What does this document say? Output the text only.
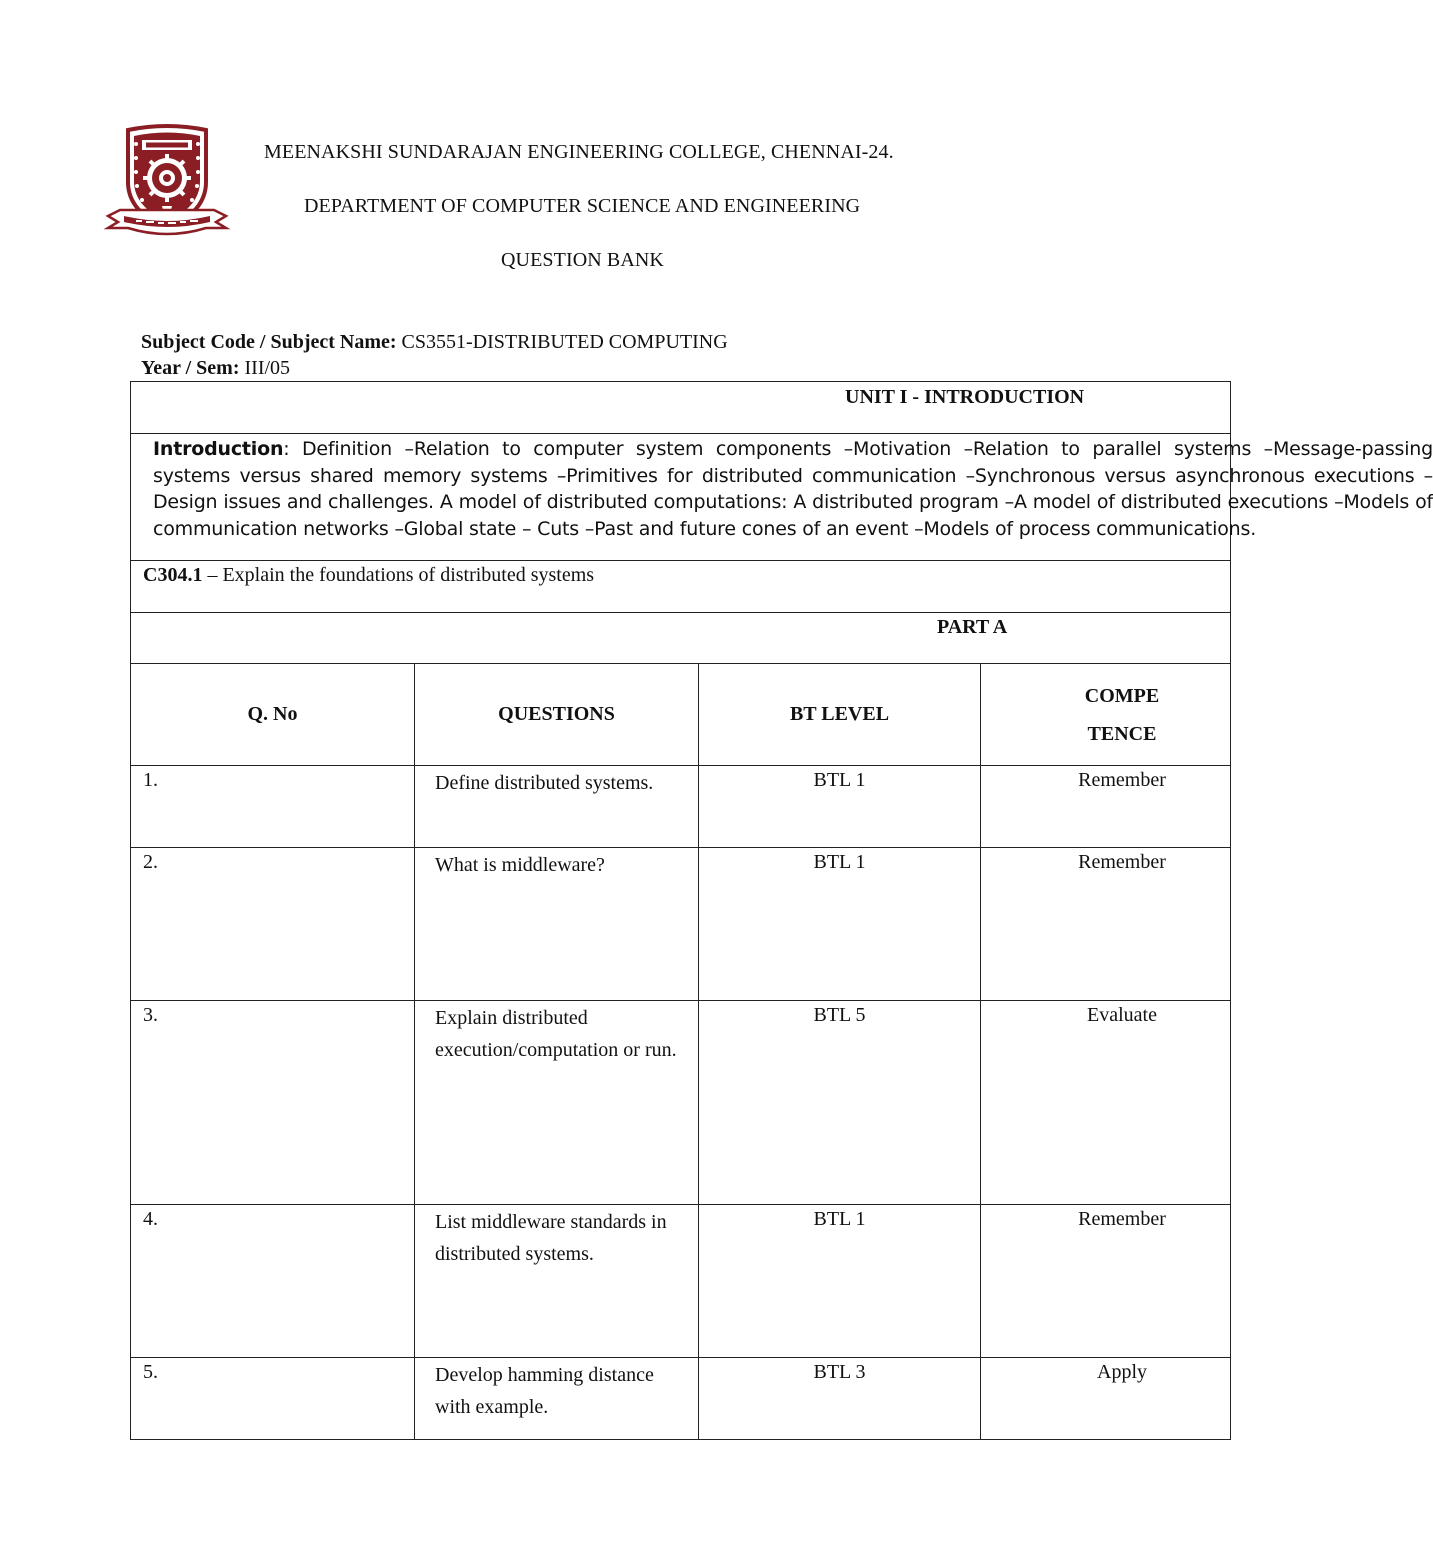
MEENAKSHI SUNDARAJAN ENGINEERING COLLEGE, CHENNAI-24.
DEPARTMENT OF COMPUTER SCIENCE AND ENGINEERING
QUESTION BANK
Subject Code / Subject Name: CS3551-DISTRIBUTED COMPUTING
Year / Sem: III/05
UNIT I - INTRODUCTION			

Introduction: Definition –Relation to computer system components –Motivation –Relation to parallel systems –Message-passing systems versus shared memory systems –Primitives for distributed communication –Synchronous versus asynchronous executions –Design issues and challenges. A model of distributed computations: A distributed program –A model of distributed executions –Models of communication networks –Global state – Cuts –Past and future cones of an event –Models of process communications.			

C304.1 – Explain the foundations of distributed systems			

PART A			

Q. No	QUESTIONS	BT LEVEL	COMPE
TENCE

1.	Define distributed systems.	BTL 1	Remember

2.	What is middleware?	BTL 1	Remember

3.	Explain distributed execution/computation or run.	BTL 5	Evaluate

4.	List middleware standards in distributed systems.	BTL 1	Remember

5.	Develop hamming distance with example.	BTL 3	Apply
